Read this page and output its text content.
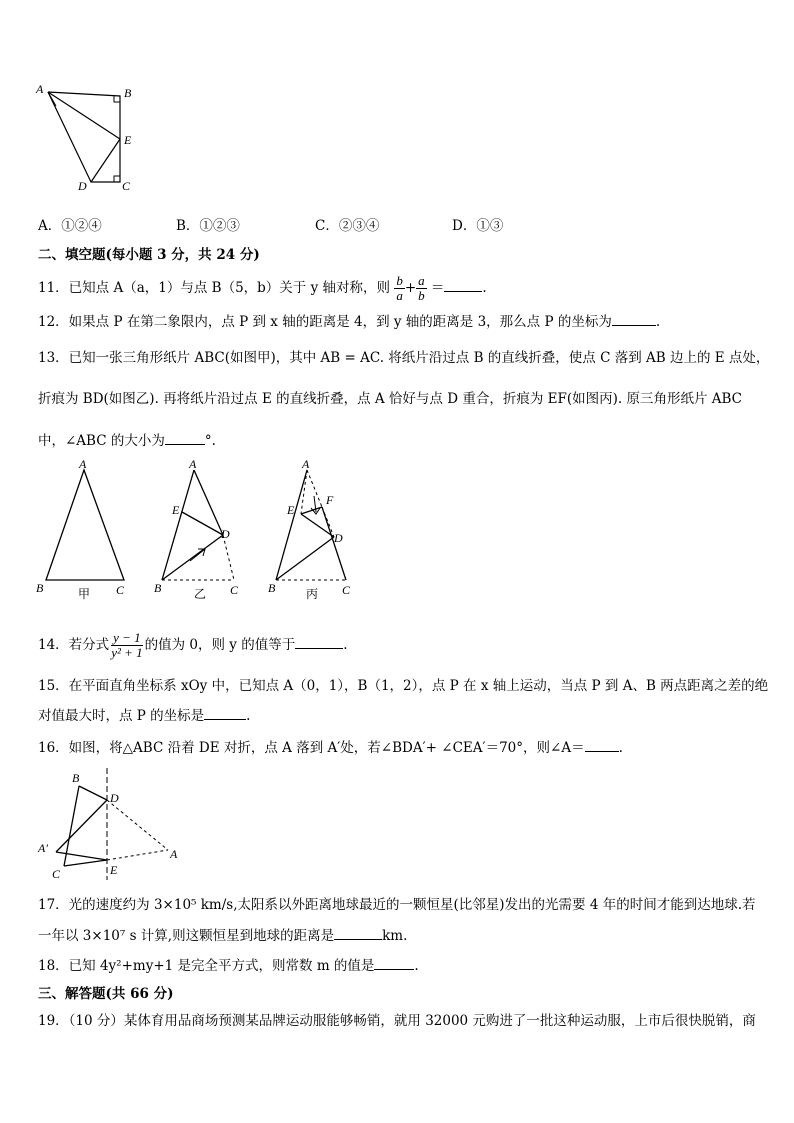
A	B
E
D	C
A．①②④	B．①②③	C．②③④	D．①③
二、填空题(每小题 3 分，共 24 分)
11．已知点 A（a，1）与点 B（5，b）关于 y 轴对称，则 $\frac{b}{a} + \frac{a}{b}$ ＝	.
12．如果点 P 在第二象限内，点 P 到 x 轴的距离是 4，到 y 轴的距离是 3，那么点 P 的坐标为	.
13．已知一张三角形纸片 ABC(如图甲)，其中 AB = AC. 将纸片沿过点 B 的直线折叠，使点 C 落到 AB 边上的 E 点处，
折痕为 BD(如图乙). 再将纸片沿过点 E 的直线折叠，点 A 恰好与点 D 重合，折痕为 EF(如图丙). 原三角形纸片 ABC
中，∠ABC 的大小为	°.
A
B	C
甲
A
E
D
B	C
乙
A
E
F
D
B	C
丙
14．若分式 $\frac{y - 1}{\text{y² + 1}}$ 的值为 0，则 y 的值等于	.
15．在平面直角坐标系 xOy 中，已知点 A（0，1），B（1，2），点 P 在 x 轴上运动，当点 P 到 A、B 两点距离之差的绝
对值最大时，点 P 的坐标是	.
16．如图，将△ABC 沿着 DE 对折，点 A 落到 A′处，若∠BDA′+ ∠CEA′＝70°，则∠A＝	.
B
D
A′	A
C	E
17．光的速度约为 3×10⁵ km/s,太阳系以外距离地球最近的一颗恒星(比邻星)发出的光需要 4 年的时间才能到达地球.若
一年以 3×10⁷ s 计算,则这颗恒星到地球的距离是	km.
18．已知 4y²+my+1 是完全平方式，则常数 m 的值是	.
三、解答题(共 66 分)
19．（10 分）某体育用品商场预测某品牌运动服能够畅销，就用 32000 元购进了一批这种运动服，上市后很快脱销，商
